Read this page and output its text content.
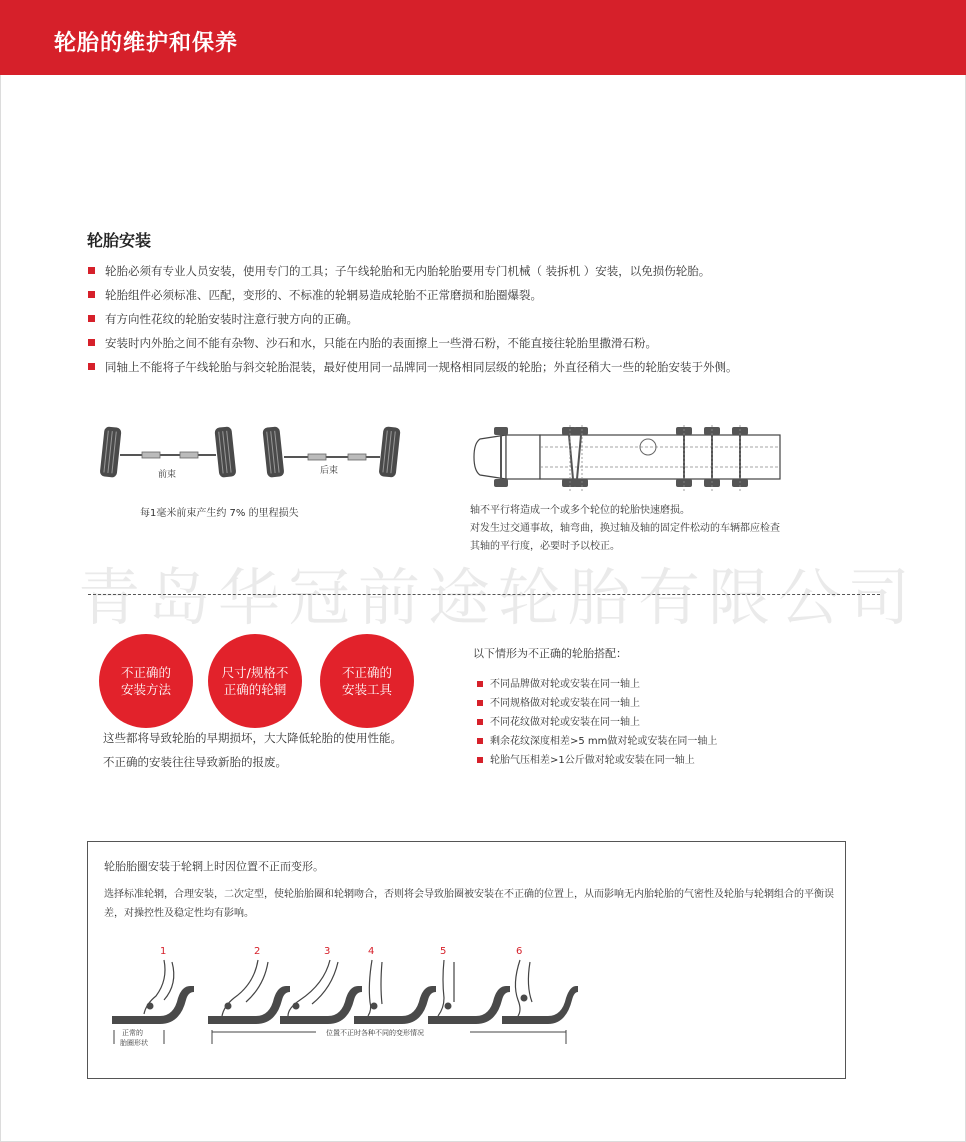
轮胎的维护和保养
轮胎安装
轮胎必须有专业人员安装，使用专门的工具；子午线轮胎和无内胎轮胎要用专门机械（ 装拆机 ）安装，以免损伤轮胎。
轮胎组件必须标准、匹配，变形的、不标准的轮辋易造成轮胎不正常磨损和胎圈爆裂。
有方向性花纹的轮胎安装时注意行驶方向的正确。
安装时内外胎之间不能有杂物、沙石和水，只能在内胎的表面擦上一些滑石粉，不能直接往轮胎里撒滑石粉。
同轴上不能将子午线轮胎与斜交轮胎混装，最好使用同一品牌同一规格相同层级的轮胎；外直径稍大一些的轮胎安装于外侧。
前束	后束
每1毫米前束产生约 7% 的里程损失	轴不平行将造成一个或多个轮位的轮胎快速磨损。
对发生过交通事故，轴弯曲，换过轴及轴的固定件松动的车辆都应检查
其轴的平行度，必要时予以校正。
青岛华冠前途轮胎有限公司
不正确的
安装方法
尺寸/规格不
正确的轮辋
不正确的
安装工具
这些都将导致轮胎的早期损坏，大大降低轮胎的使用性能。
不正确的安装往往导致新胎的报废。
以下情形为不正确的轮胎搭配：
不同品牌做对轮或安装在同一轴上
不同规格做对轮或安装在同一轴上
不同花纹做对轮或安装在同一轴上
剩余花纹深度相差>5 mm做对轮或安装在同一轴上
轮胎气压相差>1公斤做对轮或安装在同一轴上
轮胎胎圈安装于轮辋上时因位置不正而变形。
选择标准轮辋，合理安装，二次定型，使轮胎胎圈和轮辋吻合，否则将会导致胎圈被安装在不正确的位置上，从而影响无内胎轮胎的气密性及轮胎与轮辋组合的平衡误差，对操控性及稳定性均有影响。
1	2	3	4	5	6
正常的
胎圈形状
位置不正时各种不同的变形情况
